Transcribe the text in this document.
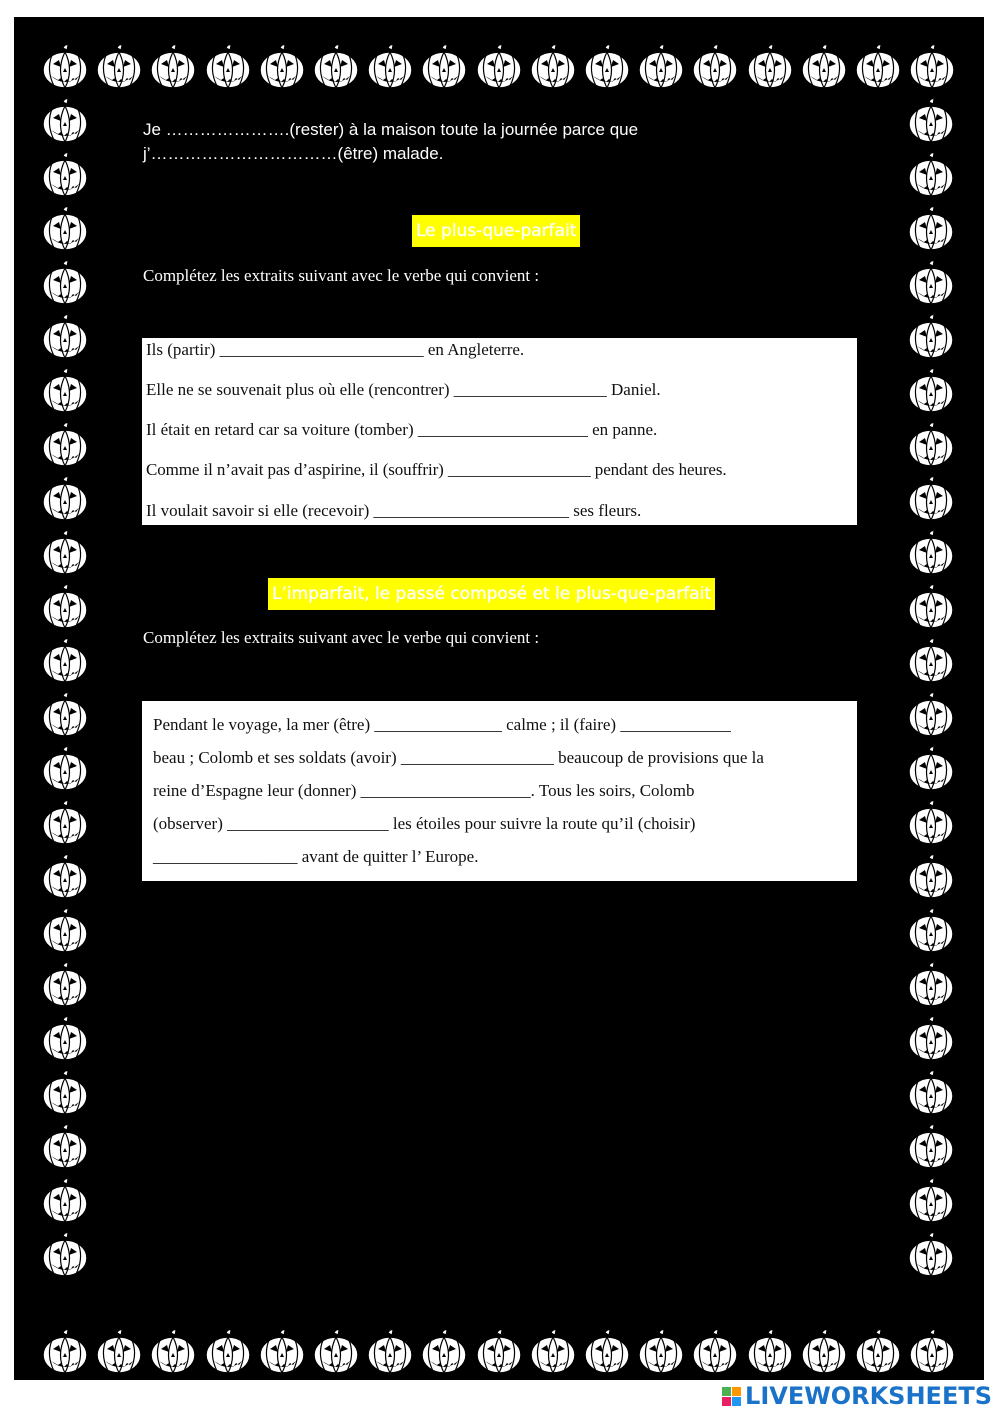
Je ………………….(rester) à la maison toute la journée parce que
j’……………………………(être) malade.
Le plus-que-parfait
Complétez les extraits suivant avec le verbe qui convient :
Ils (partir) ________________________ en Angleterre.
Elle ne se souvenait plus où elle (rencontrer) __________________ Daniel.
Il était en retard car sa voiture (tomber) ____________________ en panne.
Comme il n’avait pas d’aspirine, il (souffrir) _________________ pendant des heures.
Il voulait savoir si elle (recevoir) _______________________ ses fleurs.
L’imparfait, le passé composé et le plus-que-parfait
Complétez les extraits suivant avec le verbe qui convient :
Pendant le voyage, la mer (être) _______________ calme ; il (faire) _____________
beau ; Colomb et ses soldats (avoir) __________________ beaucoup de provisions que la
reine d’Espagne leur (donner) ____________________. Tous les soirs, Colomb
(observer) ___________________ les étoiles pour suivre la route qu’il (choisir)
_________________ avant de quitter l’ Europe.
LIVEWORKSHEETS
